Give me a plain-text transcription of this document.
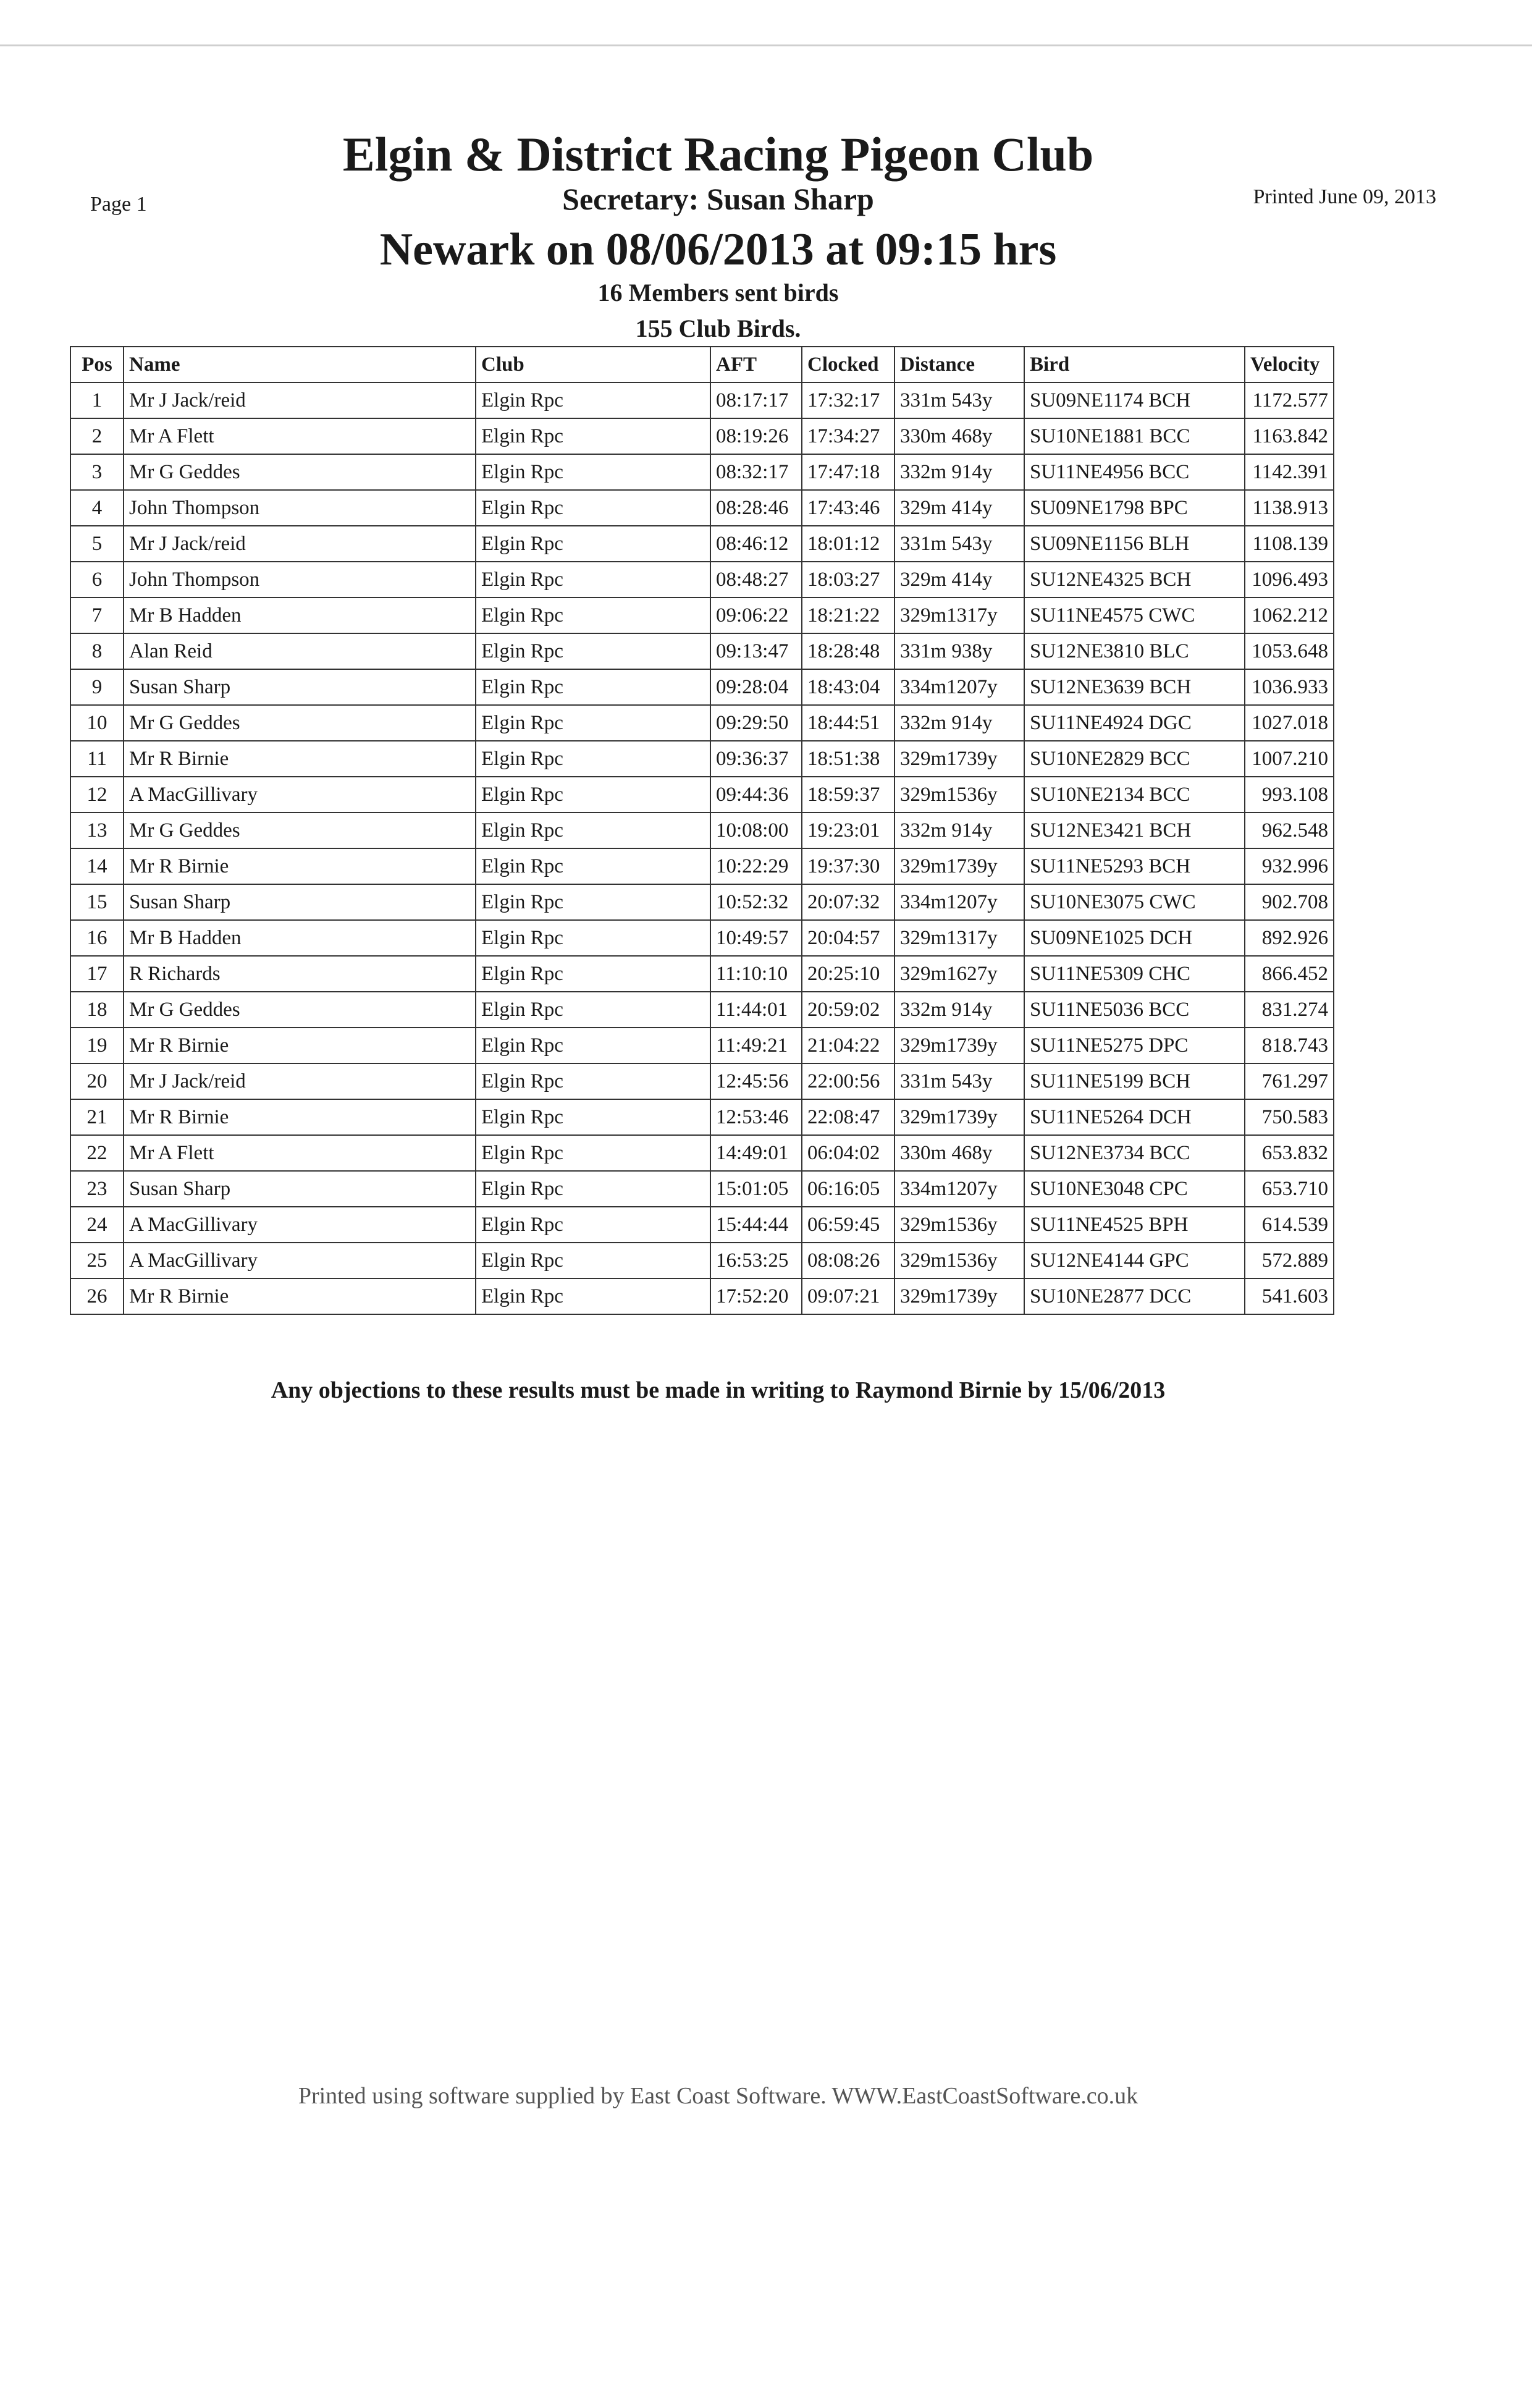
Page 1	Printed June 09, 2013
Elgin & District Racing Pigeon Club
Secretary: Susan Sharp
Newark on 08/06/2013 at 09:15 hrs
16 Members sent birds
155 Club Birds.
Pos	Name	Club	AFT	Clocked	Distance	Bird	Velocity
1	Mr J Jack/reid	Elgin Rpc	08:17:17	17:32:17	331m 543y	SU09NE1174 BCH	1172.577
2	Mr A Flett	Elgin Rpc	08:19:26	17:34:27	330m 468y	SU10NE1881 BCC	1163.842
3	Mr G Geddes	Elgin Rpc	08:32:17	17:47:18	332m 914y	SU11NE4956 BCC	1142.391
4	John Thompson	Elgin Rpc	08:28:46	17:43:46	329m 414y	SU09NE1798 BPC	1138.913
5	Mr J Jack/reid	Elgin Rpc	08:46:12	18:01:12	331m 543y	SU09NE1156 BLH	1108.139
6	John Thompson	Elgin Rpc	08:48:27	18:03:27	329m 414y	SU12NE4325 BCH	1096.493
7	Mr B Hadden	Elgin Rpc	09:06:22	18:21:22	329m1317y	SU11NE4575 CWC	1062.212
8	Alan Reid	Elgin Rpc	09:13:47	18:28:48	331m 938y	SU12NE3810 BLC	1053.648
9	Susan Sharp	Elgin Rpc	09:28:04	18:43:04	334m1207y	SU12NE3639 BCH	1036.933
10	Mr G Geddes	Elgin Rpc	09:29:50	18:44:51	332m 914y	SU11NE4924 DGC	1027.018
11	Mr R Birnie	Elgin Rpc	09:36:37	18:51:38	329m1739y	SU10NE2829 BCC	1007.210
12	A MacGillivary	Elgin Rpc	09:44:36	18:59:37	329m1536y	SU10NE2134 BCC	993.108
13	Mr G Geddes	Elgin Rpc	10:08:00	19:23:01	332m 914y	SU12NE3421 BCH	962.548
14	Mr R Birnie	Elgin Rpc	10:22:29	19:37:30	329m1739y	SU11NE5293 BCH	932.996
15	Susan Sharp	Elgin Rpc	10:52:32	20:07:32	334m1207y	SU10NE3075 CWC	902.708
16	Mr B Hadden	Elgin Rpc	10:49:57	20:04:57	329m1317y	SU09NE1025 DCH	892.926
17	R Richards	Elgin Rpc	11:10:10	20:25:10	329m1627y	SU11NE5309 CHC	866.452
18	Mr G Geddes	Elgin Rpc	11:44:01	20:59:02	332m 914y	SU11NE5036 BCC	831.274
19	Mr R Birnie	Elgin Rpc	11:49:21	21:04:22	329m1739y	SU11NE5275 DPC	818.743
20	Mr J Jack/reid	Elgin Rpc	12:45:56	22:00:56	331m 543y	SU11NE5199 BCH	761.297
21	Mr R Birnie	Elgin Rpc	12:53:46	22:08:47	329m1739y	SU11NE5264 DCH	750.583
22	Mr A Flett	Elgin Rpc	14:49:01	06:04:02	330m 468y	SU12NE3734 BCC	653.832
23	Susan Sharp	Elgin Rpc	15:01:05	06:16:05	334m1207y	SU10NE3048 CPC	653.710
24	A MacGillivary	Elgin Rpc	15:44:44	06:59:45	329m1536y	SU11NE4525 BPH	614.539
25	A MacGillivary	Elgin Rpc	16:53:25	08:08:26	329m1536y	SU12NE4144 GPC	572.889
26	Mr R Birnie	Elgin Rpc	17:52:20	09:07:21	329m1739y	SU10NE2877 DCC	541.603
Any objections to these results must be made in writing to Raymond Birnie by 15/06/2013
Printed using software supplied by East Coast Software. WWW.EastCoastSoftware.co.uk
